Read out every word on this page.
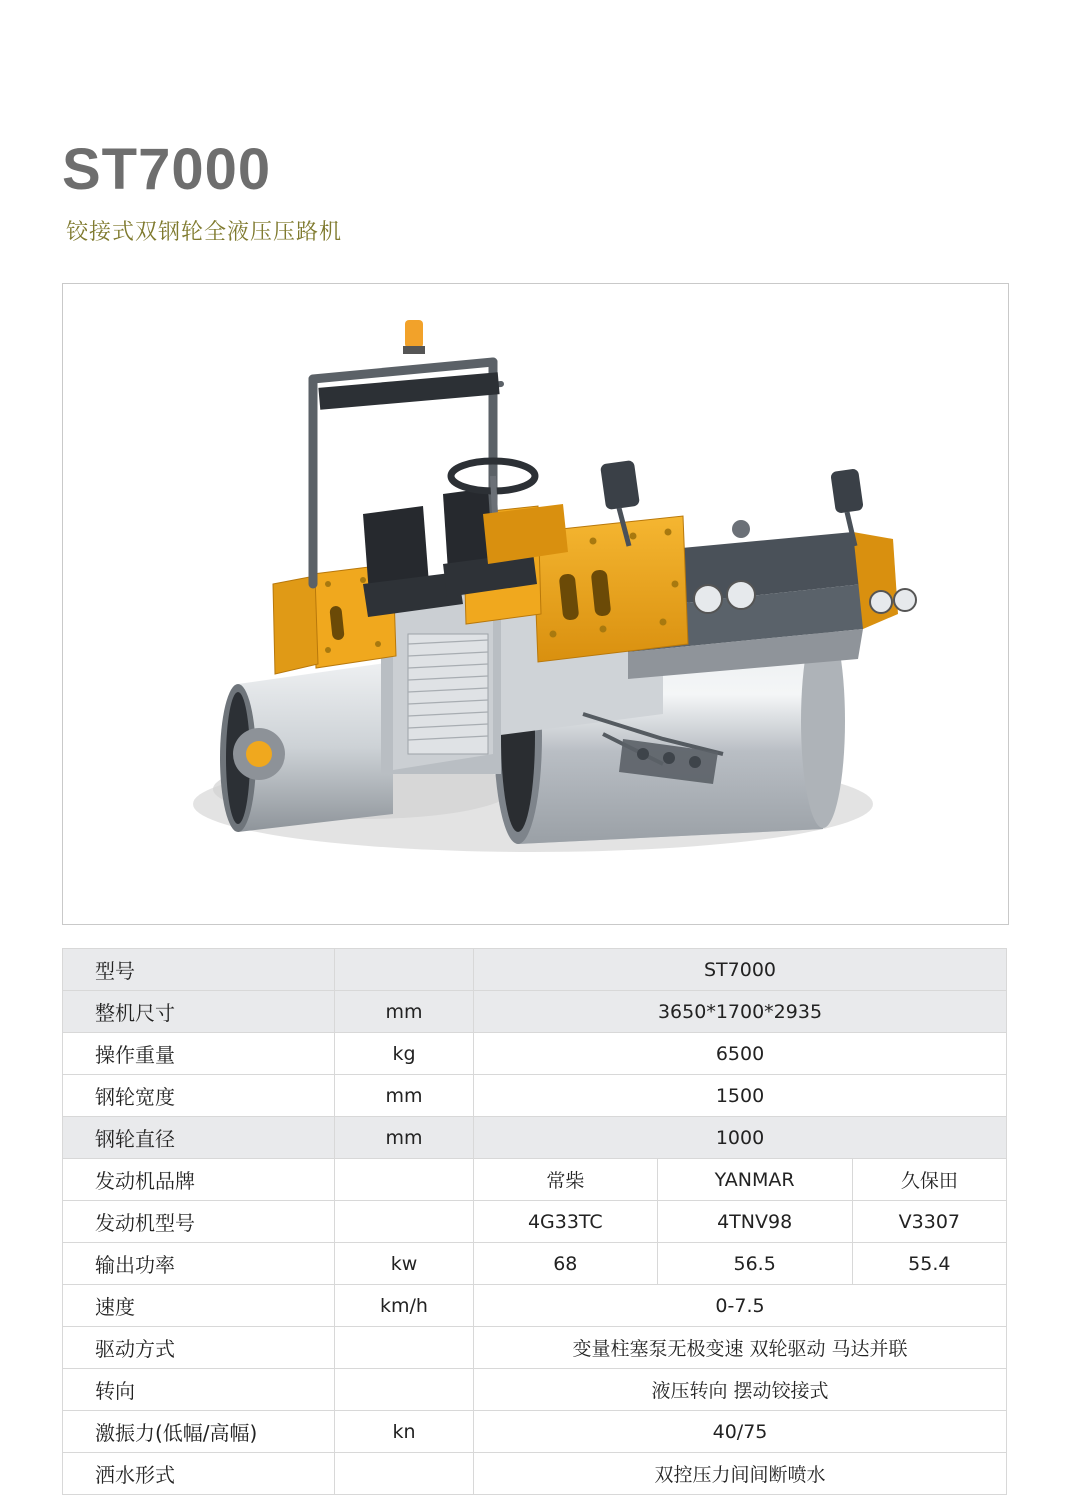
ST7000
铰接式双钢轮全液压压路机
型号		ST7000		
整机尺寸	mm	3650*1700*2935		
操作重量	kg	6500		
钢轮宽度	mm	1500		
钢轮直径	mm	1000		
发动机品牌		常柴	YANMAR	久保田
发动机型号		4G33TC	4TNV98	V3307
输出功率	kw	68	56.5	55.4
速度	km/h	0-7.5		
驱动方式		变量柱塞泵无极变速 双轮驱动 马达并联		
转向		液压转向 摆动铰接式		
激振力(低幅/高幅)	kn	40/75		
洒水形式		双控压力间间断喷水		
